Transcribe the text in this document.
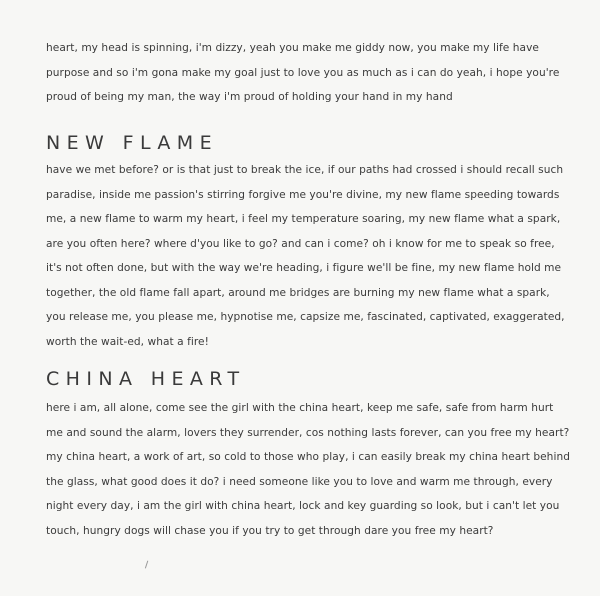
heart, my head is spinning, i'm dizzy, yeah you make me giddy now, you make my life have
purpose and so i'm gona make my goal just to love you as much as i can do yeah, i hope you're
proud of being my man, the way i'm proud of holding your hand in my hand
NEW FLAME
have we met before? or is that just to break the ice, if our paths had crossed i should recall such
paradise, inside me passion's stirring forgive me you're divine, my new flame speeding towards
me, a new flame to warm my heart, i feel my temperature soaring, my new flame what a spark,
are you often here? where d'you like to go? and can i come? oh i know for me to speak so free,
it's not often done, but with the way we're heading, i figure we'll be fine, my new flame hold me
together, the old flame fall apart, around me bridges are burning my new flame what a spark,
you release me, you please me, hypnotise me, capsize me, fascinated, captivated, exaggerated,
worth the wait-ed, what a fire!
CHINA HEART
here i am, all alone, come see the girl with the china heart, keep me safe, safe from harm hurt
me and sound the alarm, lovers they surrender, cos nothing lasts forever, can you free my heart?
my china heart, a work of art, so cold to those who play, i can easily break my china heart behind
the glass, what good does it do? i need someone like you to love and warm me through, every
night every day, i am the girl with china heart, lock and key guarding so look, but i can't let you
touch, hungry dogs will chase you if you try to get through dare you free my heart?
